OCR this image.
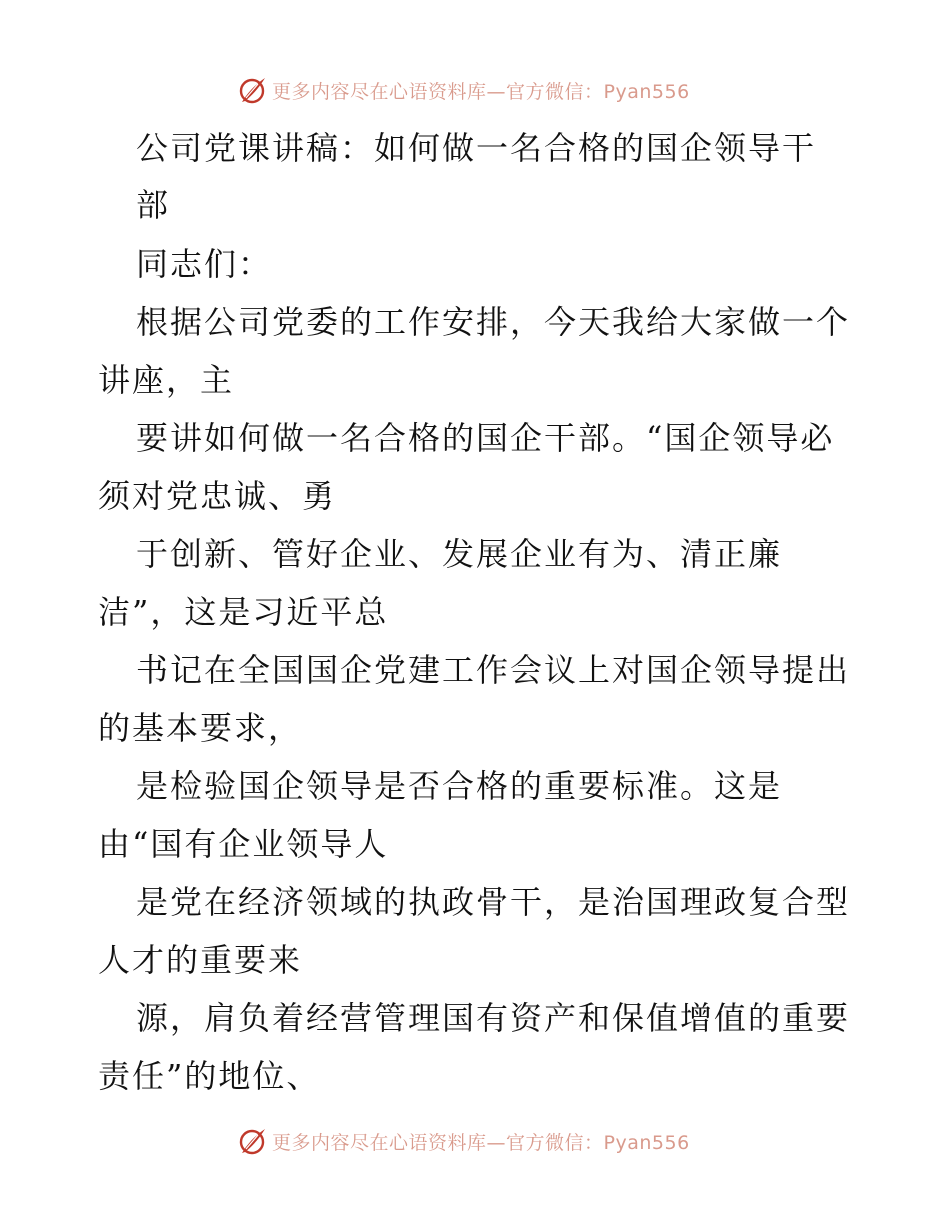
更多内容尽在心语资料库—官方微信：Pyan556
公司党课讲稿：如何做一名合格的国企领导干
部
同志们：
根据公司党委的工作安排，今天我给大家做一个
讲座，主
要讲如何做一名合格的国企干部。“国企领导必
须对党忠诚、勇
于创新、管好企业、发展企业有为、清正廉
洁”，这是习近平总
书记在全国国企党建工作会议上对国企领导提出
的基本要求，
是检验国企领导是否合格的重要标准。这是
由“国有企业领导人
是党在经济领域的执政骨干，是治国理政复合型
人才的重要来
源，肩负着经营管理国有资产和保值增值的重要
责任”的地位、
更多内容尽在心语资料库—官方微信：Pyan556
